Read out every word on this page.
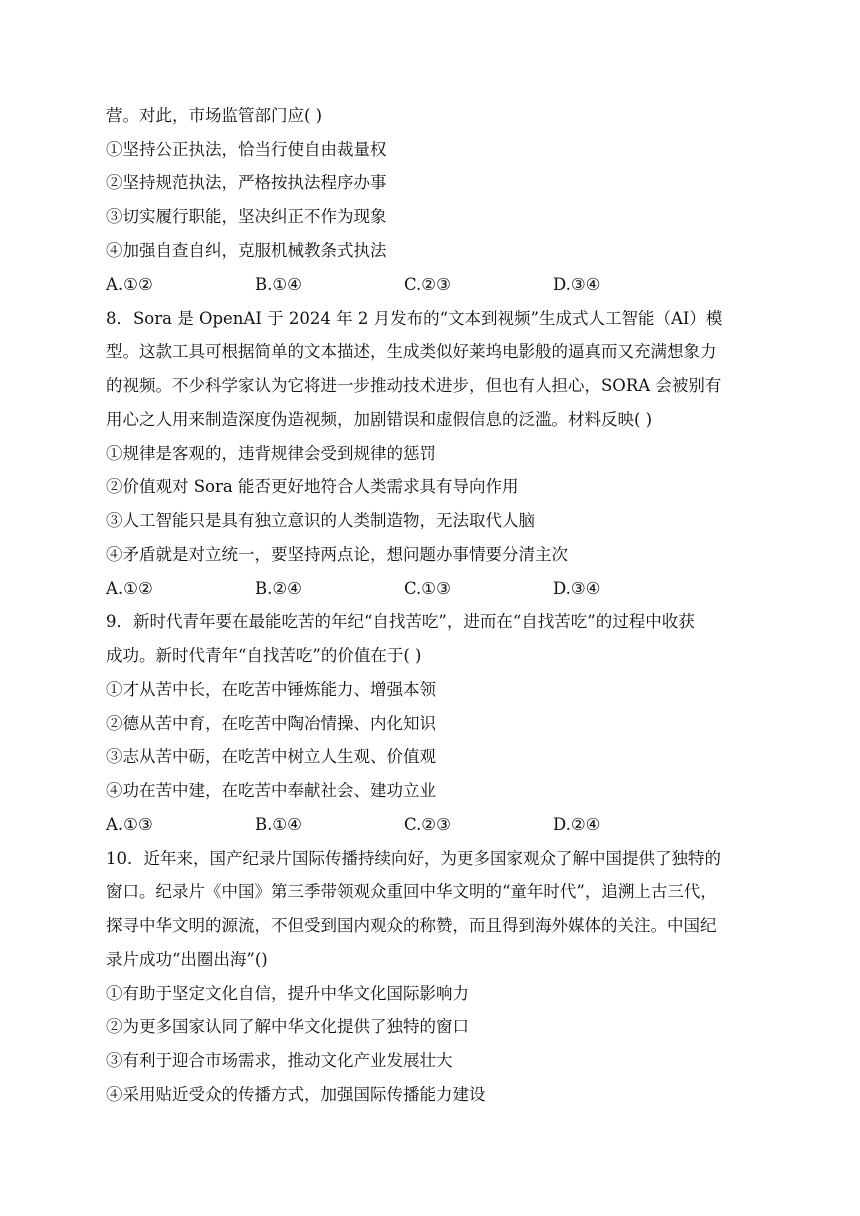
营。对此，市场监管部门应( )
①坚持公正执法，恰当行使自由裁量权
②坚持规范执法，严格按执法程序办事
③切实履行职能，坚决纠正不作为现象
④加强自查自纠，克服机械教条式执法
A.①②	B.①④	C.②③	D.③④
8．Sora 是 OpenAI 于 2024 年 2 月发布的“文本到视频”生成式人工智能（AI）模
型。这款工具可根据简单的文本描述，生成类似好莱坞电影般的逼真而又充满想象力
的视频。不少科学家认为它将进一步推动技术进步，但也有人担心，SORA 会被别有
用心之人用来制造深度伪造视频，加剧错误和虚假信息的泛滥。材料反映( )
①规律是客观的，违背规律会受到规律的惩罚
②价值观对 Sora 能否更好地符合人类需求具有导向作用
③人工智能只是具有独立意识的人类制造物，无法取代人脑
④矛盾就是对立统一，要坚持两点论，想问题办事情要分清主次
A.①②	B.②④	C.①③	D.③④
9．新时代青年要在最能吃苦的年纪“自找苦吃”，进而在“自找苦吃”的过程中收获
成功。新时代青年“自找苦吃”的价值在于( )
①才从苦中长，在吃苦中锤炼能力、增强本领
②德从苦中育，在吃苦中陶冶情操、内化知识
③志从苦中砺，在吃苦中树立人生观、价值观
④功在苦中建，在吃苦中奉献社会、建功立业
A.①③	B.①④	C.②③	D.②④
10．近年来，国产纪录片国际传播持续向好，为更多国家观众了解中国提供了独特的
窗口。纪录片《中国》第三季带领观众重回中华文明的“童年时代”，追溯上古三代，
探寻中华文明的源流，不但受到国内观众的称赞，而且得到海外媒体的关注。中国纪
录片成功“出圈出海”()
①有助于坚定文化自信，提升中华文化国际影响力
②为更多国家认同了解中华文化提供了独特的窗口
③有利于迎合市场需求，推动文化产业发展壮大
④采用贴近受众的传播方式，加强国际传播能力建设
